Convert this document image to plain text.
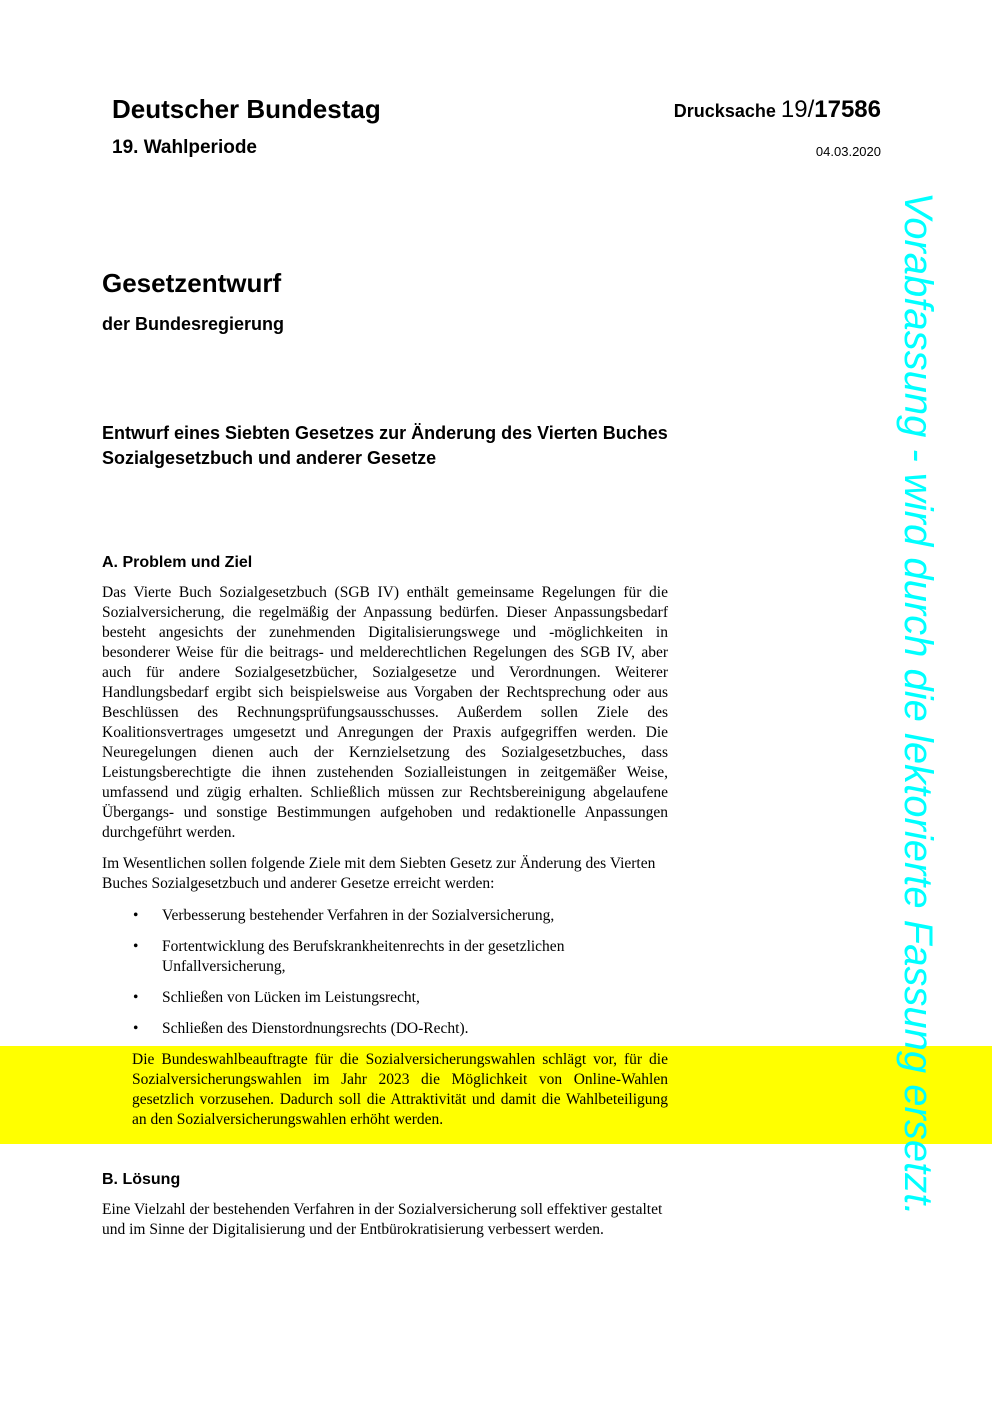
Deutscher Bundestag
19. Wahlperiode
Drucksache 19/17586
04.03.2020
Gesetzentwurf
der Bundesregierung
Entwurf eines Siebten Gesetzes zur Änderung des Vierten Buches
Sozialgesetzbuch und anderer Gesetze
A. Problem und Ziel
Das Vierte Buch Sozialgesetzbuch (SGB IV) enthält gemeinsame Regelungen für die Sozialversicherung, die regelmäßig der Anpassung bedürfen. Dieser Anpassungsbedarf besteht angesichts der zunehmenden Digitalisierungswege und -möglichkeiten in besonderer Weise für die beitrags- und melderechtlichen Regelungen des SGB IV, aber auch für andere Sozialgesetzbücher, Sozialgesetze und Verordnungen. Weiterer Handlungsbedarf ergibt sich beispielsweise aus Vorgaben der Rechtsprechung oder aus Beschlüssen des Rechnungsprüfungsausschusses. Außerdem sollen Ziele des Koalitionsvertrages umgesetzt und Anregungen der Praxis aufgegriffen werden. Die Neuregelungen dienen auch der Kernzielsetzung des Sozialgesetzbuches, dass Leistungsberechtigte die ihnen zustehenden Sozialleistungen in zeitgemäßer Weise, umfassend und zügig erhalten. Schließlich müssen zur Rechtsbereinigung abgelaufene Übergangs- und sonstige Bestimmungen aufgehoben und redaktionelle Anpassungen durchgeführt werden.
Im Wesentlichen sollen folgende Ziele mit dem Siebten Gesetz zur Änderung des Vierten Buches Sozialgesetzbuch und anderer Gesetze erreicht werden:
• Verbesserung bestehender Verfahren in der Sozialversicherung,
• Fortentwicklung des Berufskrankheitenrechts in der gesetzlichen Unfallversicherung,
• Schließen von Lücken im Leistungsrecht,
• Schließen des Dienstordnungsrechts (DO-Recht).
Die Bundeswahlbeauftragte für die Sozialversicherungswahlen schlägt vor, für die Sozialversicherungswahlen im Jahr 2023 die Möglichkeit von Online-Wahlen gesetzlich vorzusehen. Dadurch soll die Attraktivität und damit die Wahlbeteiligung an den Sozialversicherungswahlen erhöht werden.
B. Lösung
Eine Vielzahl der bestehenden Verfahren in der Sozialversicherung soll effektiver gestaltet und im Sinne der Digitalisierung und der Entbürokratisierung verbessert werden.
Vorabfassung - wird durch die lektorierte Fassung ersetzt.
